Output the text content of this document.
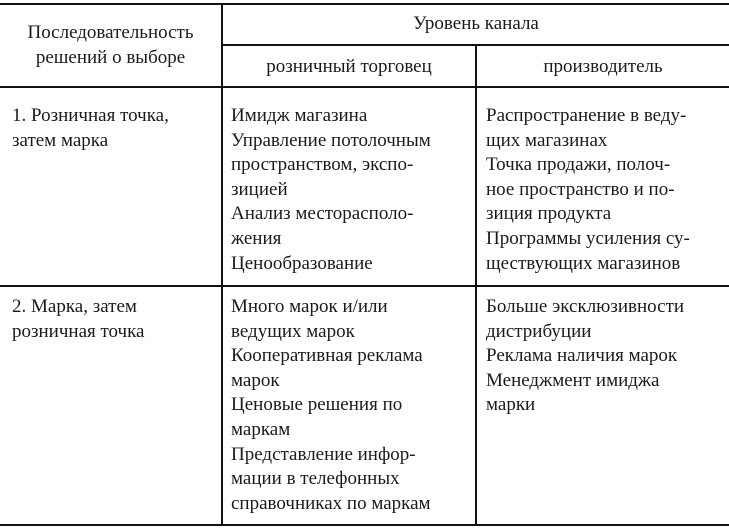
Последовательность
решений о выборе
Уровень канала
розничный торговец	производитель
1. Розничная точка,
затем марка
Имидж магазина
Управление потолочным
пространством, экспо-
зицией
Анализ месторасполо-
жения
Ценообразование
Распространение в веду-
щих магазинах
Точка продажи, полоч-
ное пространство и по-
зиция продукта
Программы усиления су-
ществующих магазинов
2. Марка, затем
розничная точка
Много марок и/или
ведущих марок
Кооперативная реклама
марок
Ценовые решения по
маркам
Представление инфор-
мации в телефонных
справочниках по маркам
Больше эксклюзивности
дистрибуции
Реклама наличия марок
Менеджмент имиджа
марки
